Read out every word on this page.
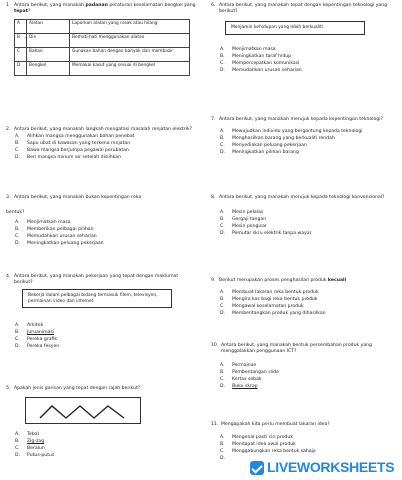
1. Antara berikut, yang manakah padanan peraturan keselamatan bengkel yang tepat?
A	Alatan	Laporkan alatan yang rosak atau hilang
B	Din	Berhati-hati menggunakan alatan
C	Bahan	Gunakan bahan dengan banyak dan membazir
D	Bengkel	Memakai kasut yang sesuai di bengkel
2. Antara berikut, yang manakah langkah mengatasi masalah renjatan elektrik?
A.	Alihkan mangsa menggunakan bahan penebat
B.	Sapu ubat di kawasan yang terkena renjatan
C.	Bawa mangsa berjumpa pegawai perubatan
D.	Beri mangsa minum air setelah disiihkan
3. Antara berikut, yang manakah bukan kepentingan reka
bentuk?
A.	Menjimatkan masa
B.	Memberikan pelbagai pilihan
C.	Memudahkan urusan seharian
D.	Meningkatkan peluang pekerjaan
4. Antara berikut, yang manakah pekerjaan yang tepat dengan maklumat berikut?
Bekerja dalam pelbagai bidang termasuk filem, televisyen, permainan video dan internet
A.	Arkitek
B.	Juruanimasi
C.	Pereka grafik
D.	Pereka fesyen
5. Apakah jenis garisan yang tepat dengan rajah berikut?
A.	Tebal
B.	Zig-zag
C.	Beralun
D.	Putus-putus
6. Antara berikut, yang manakah tepat dengan kepentingan teknologi yang berikut?
Menjamin kehidupan yang lebih berkualiti
A.	Menjimatkan masa
B.	Meningkatkan taraf hidup
C.	Mempercepatkan komunikasi
D.	Memudahkan urusan seharian
7. Antara berikut, yang manakah merujuk kepada kepentingan teknologi?
A.	Mewujudkan individu yang bergantung kepada teknologi
B.	Menghasilkan barang yang berkualiti rendah
C.	Menyediakan peluang pekerjaan
D.	Meningkatkan pilihan barang
8. Antara berikut, yang manakah merujuk kepada teknologi konvensional?
A.	Mesin pelalas
B.	Gergaji tangan
C.	Mesin pengisar
D.	Pemutar skru elektrik tanpa wayar
9. Berikut merupakan proses penghasilan produk kecuali
A.	Membuat lakaran reka bentuk produk
B.	Mengira kos bagi reka bentuk produk
C.	Mengawal keselamatan produk
D.	Membentangkan produk yang dihasilkan
10. Antara berikut, yang manakah bentuk persembahan produk yang menggalakkan penggunaan ICT?
A.	Permainan
B.	Pembentangan slide
C.	Kertas sebak
D.	Buku skrap
11. Mengapakah kita perlu membuat lakaran idea?
A.	Mengenal pasti ciri produk
B.	Mendapat idea awal produk
C.	Menggabungkan reka bentuk sahaja
D.
LIVEWORKSHEETS
